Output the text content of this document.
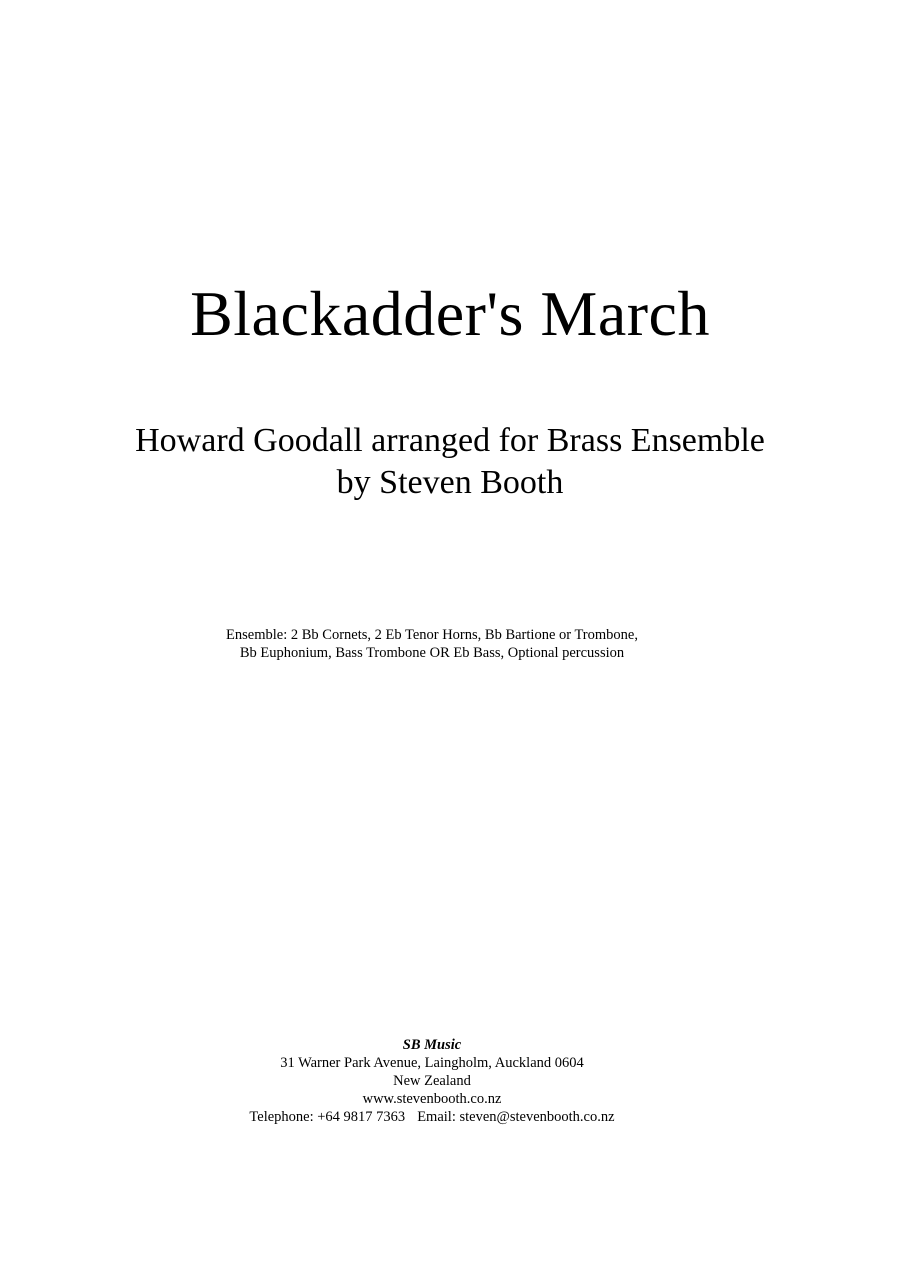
Blackadder's March
Howard Goodall arranged for Brass Ensemble
by Steven Booth
Ensemble: 2 Bb Cornets, 2 Eb Tenor Horns, Bb Bartione or Trombone,
Bb Euphonium, Bass Trombone OR Eb Bass, Optional percussion
SB Music
31 Warner Park Avenue, Laingholm, Auckland 0604
New Zealand
www.stevenbooth.co.nz
Telephone: +64 9817 7363 Email: steven@stevenbooth.co.nz
